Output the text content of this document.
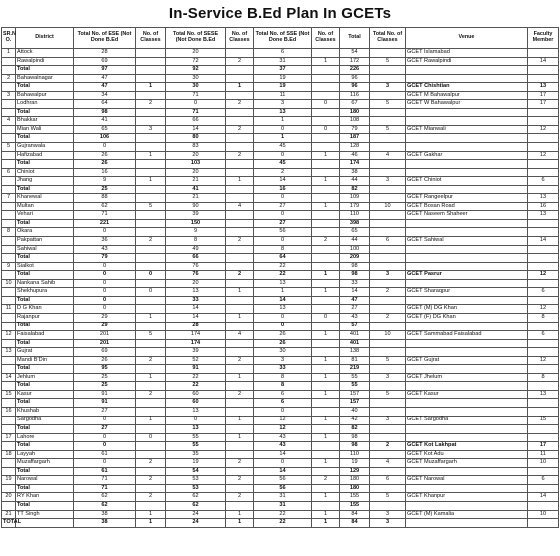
In-Service B.Ed Plan In GCETs
SR.N O.	District	Total No. of ESE (Not Done B.Ed	No. of Classes	Total No. of SESE (Not Done B.Ed	No. of Classes	Total No. of SSE (Not Done B.Ed	No. of Classes	Total	Total No. of Classes	Venue	Faculty Member
1	Attock	28		20		6		54		GCET Islamabad	
	Rawalpindi	69		72	2	31	1	172	5	GCET Rawalpindi	14
	Total	97		92		37		226			
2	Bahawalnagar	47		30		19		96			
	Total	47	1	30	1	19		96	3	GCET Chishtian	13
3	Bahawalpur	34		71		11		116		GCET M Bahawalpur	17
	Lodhran	64	2	0	2	3	0	67	5	GCET W Bahawalpur	17
	Total	98		71		13		180			
4	Bhakkar	41		66		1		108			
	Mian Wali	65	3	14	2	0	0	79	5	GCET Mianwali	12
	Total	106		80		1		187			
5	Gujranwala	0		83		45		128			
	Hafizabad	26	1	20	2	0	1	46	4	GCET Gakhar	12
	Total	26		103		45		174			
6	Chiniot	16		20		2		38			
	Jhang	9	1	21	1	14	1	44	3	GCET Chiniot	6
	Total	25		41		16		82			
7	Khanewal	88		21		0		109		GCET Rangeelpur	13
	Multan	62	5	90	4	27	1	179	10	GCET Bosan Road	16
	Vehari	71		39		0		110		GCET Naseem Shaheer	13
	Total	221		150		27		398			
8	Okara	0		9		56		65			
	Pakpattan	36	2	8	2	0	2	44	6	GCET Sahiwal	14
	Sahiwal	43		49		8		100			
	Total	79		66		64		209			
9	Sialkot	0		76		22		98			
	Total	0	0	76	2	22	1	98	3	GCET Pasrur	12
10	Nankana Sahib	0		20		13		33			
	Shekhupura	0	0	13	1	1	1	14	2	GCET Sharaqpur	6
	Total	0		33		14		47			
11	D G Khan	0		14		13		27		GCET (M) DG Khan	12
	Rajanpur	29	1	14	1	0	0	43	2	GCET (F) DG Khan	8
	Total	29		28		0		57			
12	Faisalabad	201	5	174	4	26	1	401	10	GCET Sammabad Faisalabad	6
	Total	201		174		26		401			
13	Gujrat	69		39		30		138			
	Mandi B'Din	26	2	52	2	3	1	81	5	GCET Gujrat	12
	Total	95		91		33		219			
14	Jehlum	25	1	22	1	8	1	55	3	GCET Jhelum	8
	Total	25		22		8		55			
15	Kasur	91	2	60	2	6	1	157	5	GCET Kasur	13
	Total	91		60		6		157			
16	Khushab	27		13		0		40			
	Sargodha	0	1	0	1	12	1	42	3	GCET Sargodha	15
	Total	27		13		12		82			
17	Lahore	0	0	55	1	43	1	98			
	Total	0		55		43		98	2	GCET Kot Lakhpat	17
18	Layyah	61		35		14		110		GCET Kot Adu	11
	Muzaffargarh	0	2	19	2	0	1	19	4	GCET Muzaffargarh	10
	Total	61		54		14		129			
19	Narowal	71	2	53	2	56	2	180	6	GCET Narowal	6
	Total	71		53		56		180			
20	RY Khan	62	2	62	2	31	1	155	5	GCET Khanpur	14
	Total	62		62		31		155			
21	TT Singh	38	1	24	1	22	1	84	3	GCET (M) Kamalia	10
TOTAL		38	1	24	1	22	1	84	3		
